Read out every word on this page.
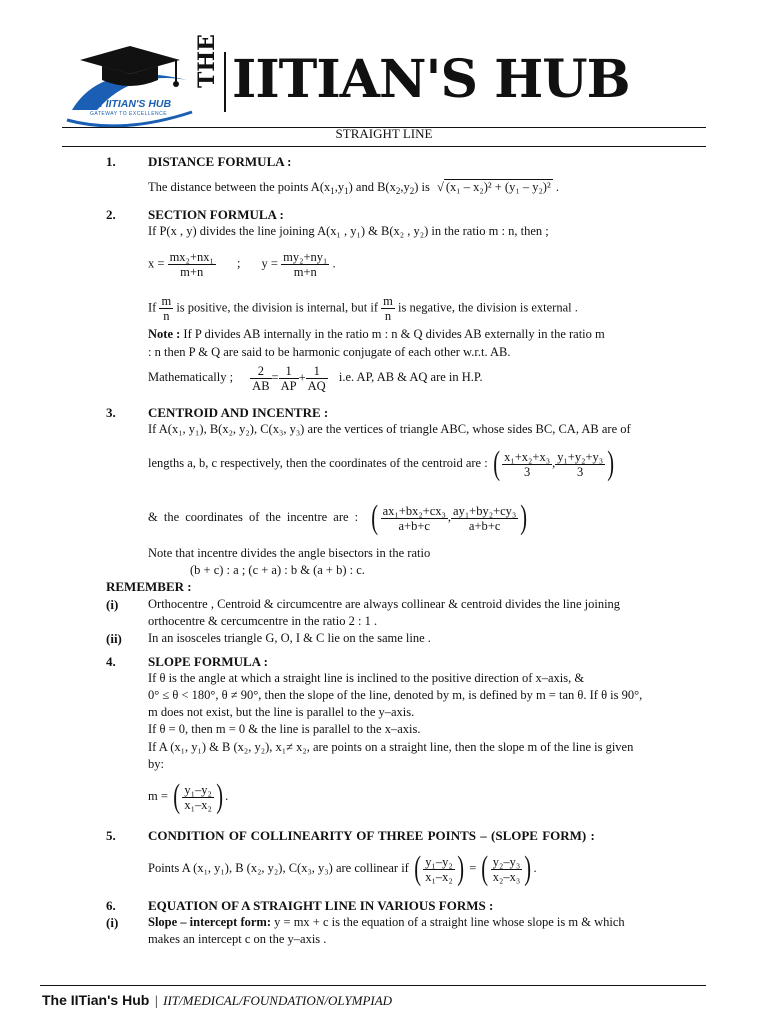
The IITIAN'S HUB
GATEWAY TO EXCELLENCE
THE IITIAN'S HUB
STRAIGHT LINE
1. DISTANCE FORMULA :
The distance between the points $A(x_1,y_1)$ and $B(x_2,y_2)$ is √ (x₁ – x₂)² + (y₁ – y₂)² .
2. SECTION FORMULA :
If P(x , y) divides the line joining A(x₁ , y₁) & B(x₂ , y₂) in the ratio m : n, then ;
$x = \frac{\text{mx₂+nx₁}}{m+n}$ ; $y = \frac{\text{my₂+ny₁}}{m+n}$ .
If $\frac{m}{n}$ is positive, the division is internal, but if $\frac{m}{n}$ is negative, the division is external .
Note : If P divides AB internally in the ratio m : n & Q divides AB externally in the ratio m
: n then P & Q are said to be harmonic conjugate of each other w.r.t. AB.
Mathematically ; $\frac{2}{AB} = \frac{1}{AP} + \frac{1}{AQ} i.e$. AP, AB & AQ are in H.P.
3. CENTROID AND INCENTRE :
If A(x₁, y₁), B(x₂, y₂), C(x₃, y₃) are the vertices of triangle ABC, whose sides BC, CA, AB are of
lengths a, b, c respectively, then the coordinates of the centroid are : ( $\frac{\text{x₁+x₂+x₃}}{3}$ , $\frac{\text{y₁+y₂+y₃}}{3}$ )
& the coordinates of the incentre are : ( $\frac{\text{ax₁+bx₂+cx₃}}{a+b+c}$ , $\frac{\text{ay₁+by₂+cy₃}}{a+b+c}$ )
Note that incentre divides the angle bisectors in the ratio
(b + c) : a ; (c + a) : b & (a + b) : c.
REMEMBER :
(i) Orthocentre , Centroid & circumcentre are always collinear & centroid divides the line joining
orthocentre & cercumcentre in the ratio 2 : 1 .
(ii) In an isosceles triangle G, O, I & C lie on the same line .
4. SLOPE FORMULA :
If θ is the angle at which a straight line is inclined to the positive direction of x–axis, &
0° ≤ θ < 180°, θ ≠ 90°, then the slope of the line, denoted by m, is defined by m = tan θ. If θ is 90°,
m does not exist, but the line is parallel to the y–axis.
If θ = 0, then m = 0 & the line is parallel to the x–axis.
If A (x₁, y₁) & B (x₂, y₂), x₁≠ x₂, are points on a straight line, then the slope m of the line is given
by:
m = ( $\frac{\text{y₁–y₂}}{\text{x₁–x₂}}$ ) .
5. CONDITION OF COLLINEARITY OF THREE POINTS – (SLOPE FORM) :
Points A (x₁, y₁), B (x₂, y₂), C(x₃, y₃) are collinear if ( $\frac{\text{y₁–y₂}}{\text{x₁–x₂}}$ ) = ( $\frac{\text{y₂–y₃}}{\text{x₂–x₃}}$ ) .
6. EQUATION OF A STRAIGHT LINE IN VARIOUS FORMS :
(i) Slope – intercept form: y = mx + c is the equation of a straight line whose slope is m & which
makes an intercept c on the y–axis .
The IITian's Hub | IIT/MEDICAL/FOUNDATION/OLYMPIAD
